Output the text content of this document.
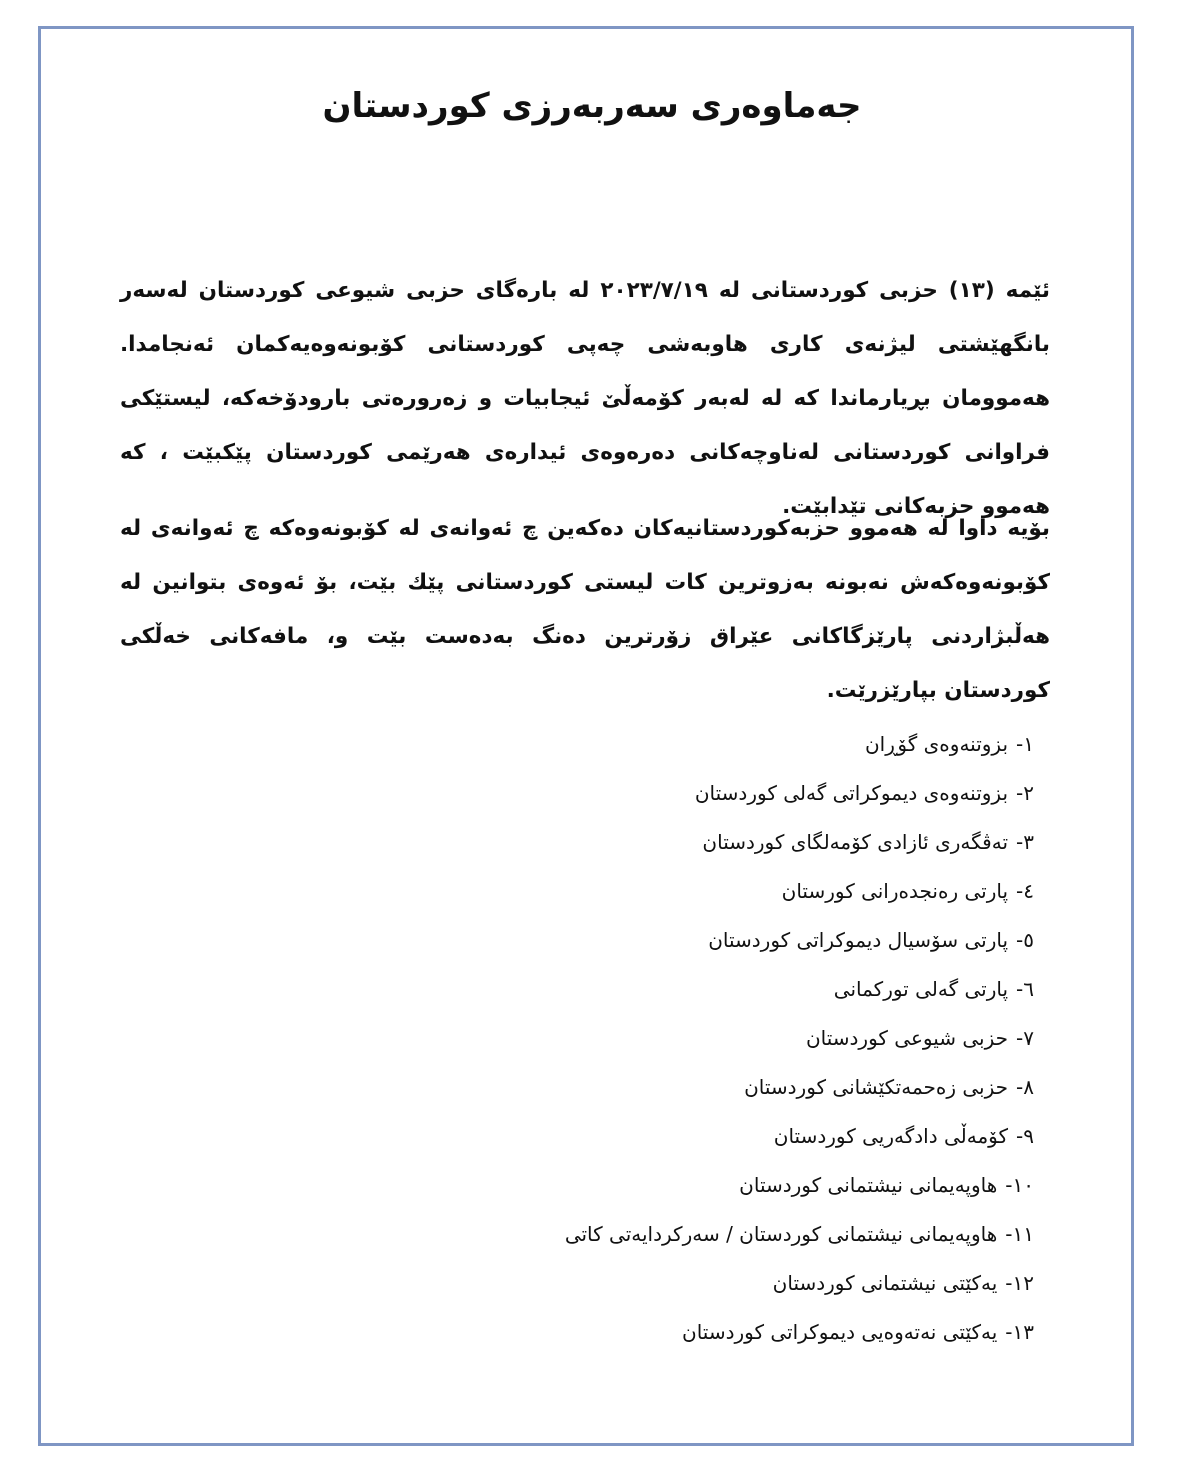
جەماوەری سەربەرزی کوردستان

ئێمە (١٣) حزبی کوردستانی لە ٢٠٢٣/٧/١٩ لە بارەگای حزبی شیوعی کوردستان لەسەر بانگهێشتی لیژنەی کاری هاوبەشی چەپی کوردستانی کۆبونەوەیەکمان ئەنجامدا. هەموومان بڕیارماندا کە لە لەبەر کۆمەڵێ ئیجابیات و زەرورەتی بارودۆخەکە، لیستێکی فراوانی کوردستانی لەناوچەکانی دەرەوەی ئیدارەی هەرێمی کوردستان پێکبێت ، کە هەموو حزبەکانی تێدابێت.

بۆیە داوا لە هەموو حزبەکوردستانیەکان دەکەین چ ئەوانەی لە کۆبونەوەکە چ ئەوانەی لە کۆبونەوەکەش نەبونە بەزوترین کات لیستی کوردستانی پێك بێت، بۆ ئەوەی بتوانین لە هەڵبژاردنی پارێزگاکانی عێراق زۆرترین دەنگ بەدەست بێت و، مافەکانی خەڵکی کوردستان بپارێزرێت.

١-بزوتنەوەی گۆڕان
٢-بزوتنەوەی دیموکراتی گەلی کوردستان
٣-تەڤگەری ئازادی کۆمەلگای کوردستان
٤-پارتی رەنجدەرانی کورستان
٥-پارتی سۆسیال دیموکراتی کوردستان
٦-پارتی گەلی تورکمانی
٧-حزبی شیوعی کوردستان
٨-حزبی زەحمەتکێشانی کوردستان
٩-کۆمەڵی دادگەریی کوردستان
١٠-هاوپەیمانی نیشتمانی کوردستان
١١-هاوپەیمانی نیشتمانی کوردستان / سەرکردایەتی کاتی
١٢-یەکێتی نیشتمانی کوردستان
١٣-یەکێتی نەتەوەیی دیموکراتی کوردستان
